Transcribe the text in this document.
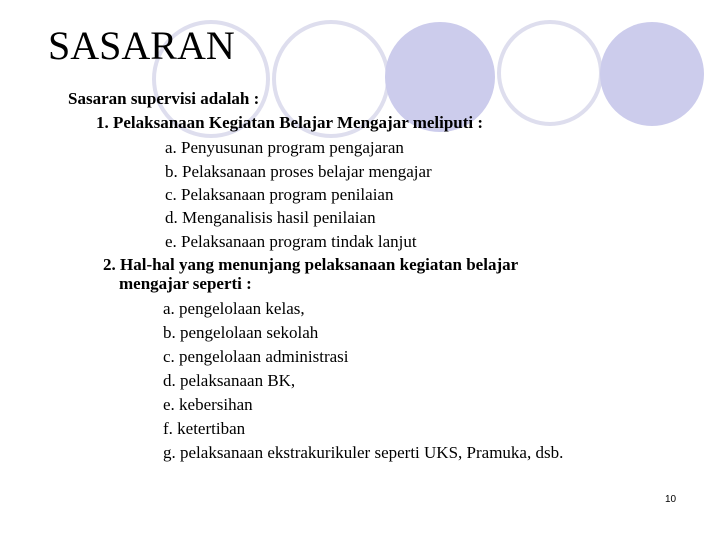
SASARAN
Sasaran supervisi adalah :
1. Pelaksanaan Kegiatan Belajar Mengajar meliputi :
a. Penyusunan program pengajaran
b. Pelaksanaan proses belajar mengajar
c. Pelaksanaan program penilaian
d. Menganalisis hasil penilaian
e. Pelaksanaan program tindak lanjut
2. Hal-hal yang menunjang pelaksanaan kegiatan belajar
mengajar seperti :
a. pengelolaan kelas,
b. pengelolaan sekolah
c. pengelolaan administrasi
d. pelaksanaan BK,
e. kebersihan
f. ketertiban
g. pelaksanaan ekstrakurikuler seperti UKS, Pramuka, dsb.
10
